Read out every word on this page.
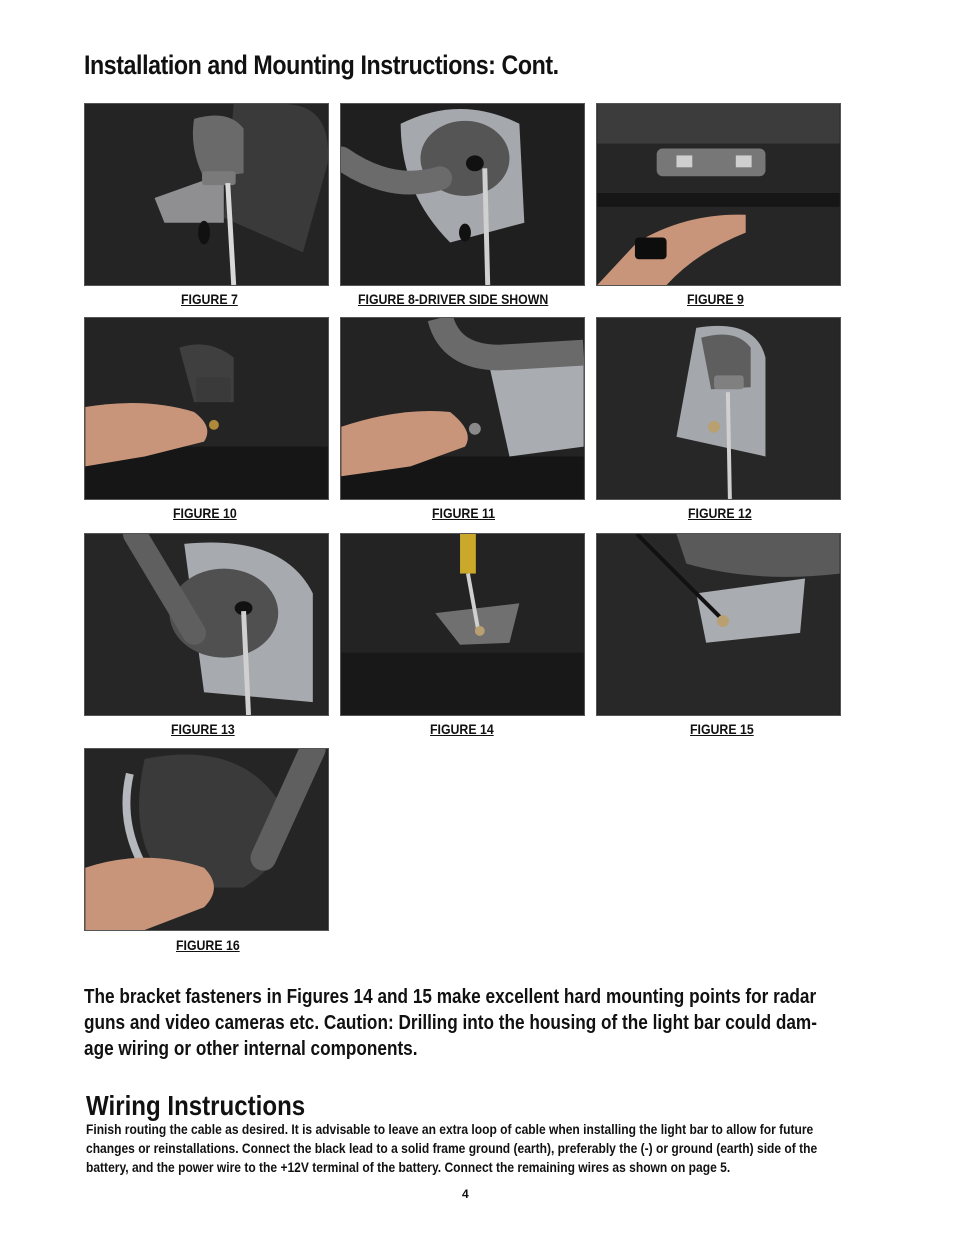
Installation and Mounting Instructions: Cont.
FIGURE 7	FIGURE 8-DRIVER SIDE SHOWN	FIGURE 9
FIGURE 10	FIGURE 11	FIGURE 12
FIGURE 13	FIGURE 14	FIGURE 15
FIGURE 16
The bracket fasteners in Figures 14 and 15 make excellent hard mounting points for radar
guns and video cameras etc. Caution: Drilling into the housing of the light bar could dam-
age wiring or other internal components.
Wiring Instructions
Finish routing the cable as desired. It is advisable to leave an extra loop of cable when installing the light bar to allow for future
changes or reinstallations. Connect the black lead to a solid frame ground (earth), preferably the (-) or ground (earth) side of the
battery, and the power wire to the +12V terminal of the battery. Connect the remaining wires as shown on page 5.
4
